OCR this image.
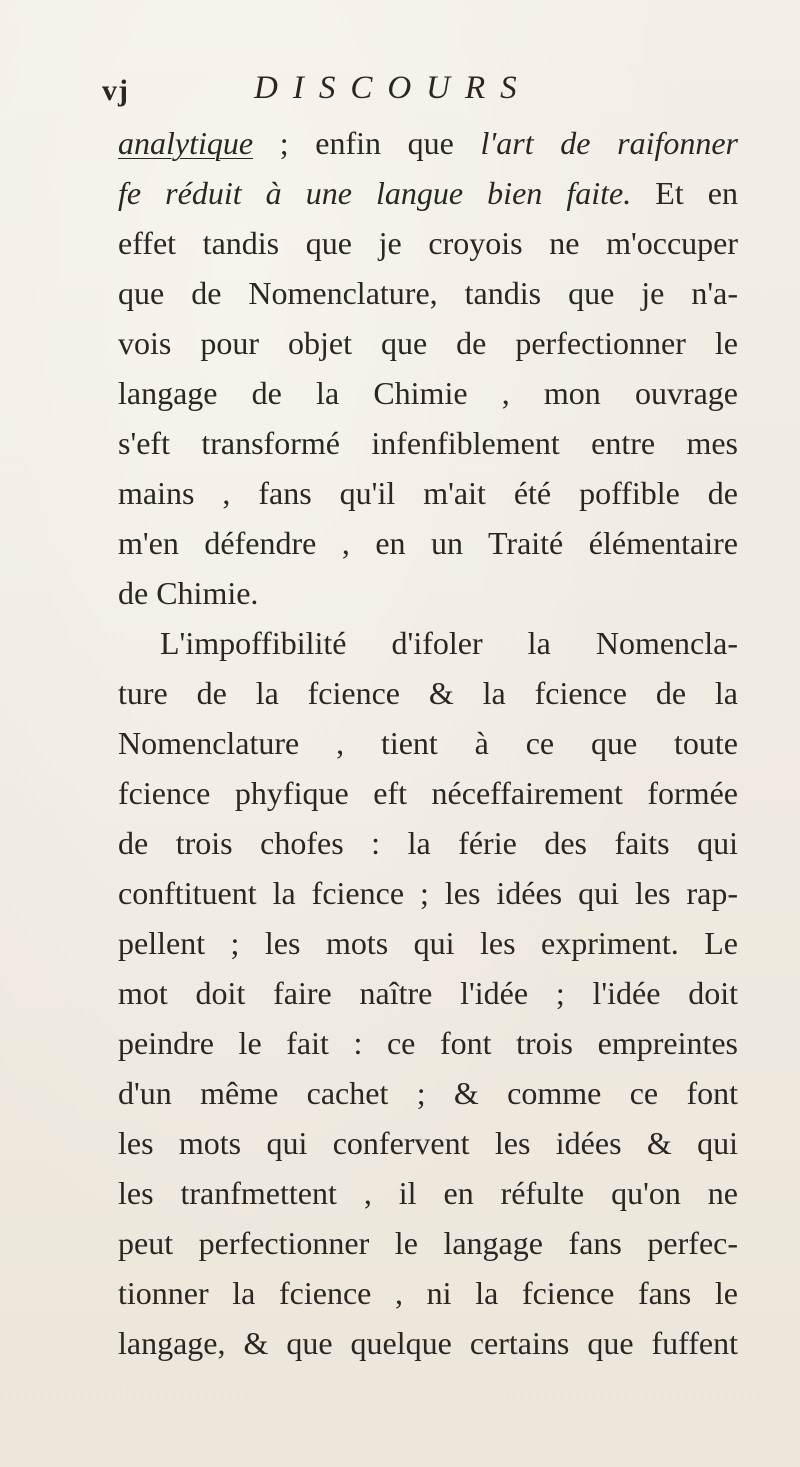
vj	DISCOURS
analytique ; enfin que l'art de raifonner
fe réduit à une langue bien faite. Et en
effet tandis que je croyois ne m'occuper
que de Nomenclature, tandis que je n'a-
vois pour objet que de perfectionner le
langage de la Chimie , mon ouvrage
s'eft transformé infenfiblement entre mes
mains , fans qu'il m'ait été poffible de
m'en défendre , en un Traité élémentaire
de Chimie.
L'impoffibilité d'ifoler la Nomencla-
ture de la fcience & la fcience de la
Nomenclature , tient à ce que toute
fcience phyfique eft néceffairement formée
de trois chofes : la férie des faits qui
conftituent la fcience ; les idées qui les rap-
pellent ; les mots qui les expriment. Le
mot doit faire naître l'idée ; l'idée doit
peindre le fait : ce font trois empreintes
d'un même cachet ; & comme ce font
les mots qui confervent les idées & qui
les tranfmettent , il en réfulte qu'on ne
peut perfectionner le langage fans perfec-
tionner la fcience , ni la fcience fans le
langage, & que quelque certains que fuffent
